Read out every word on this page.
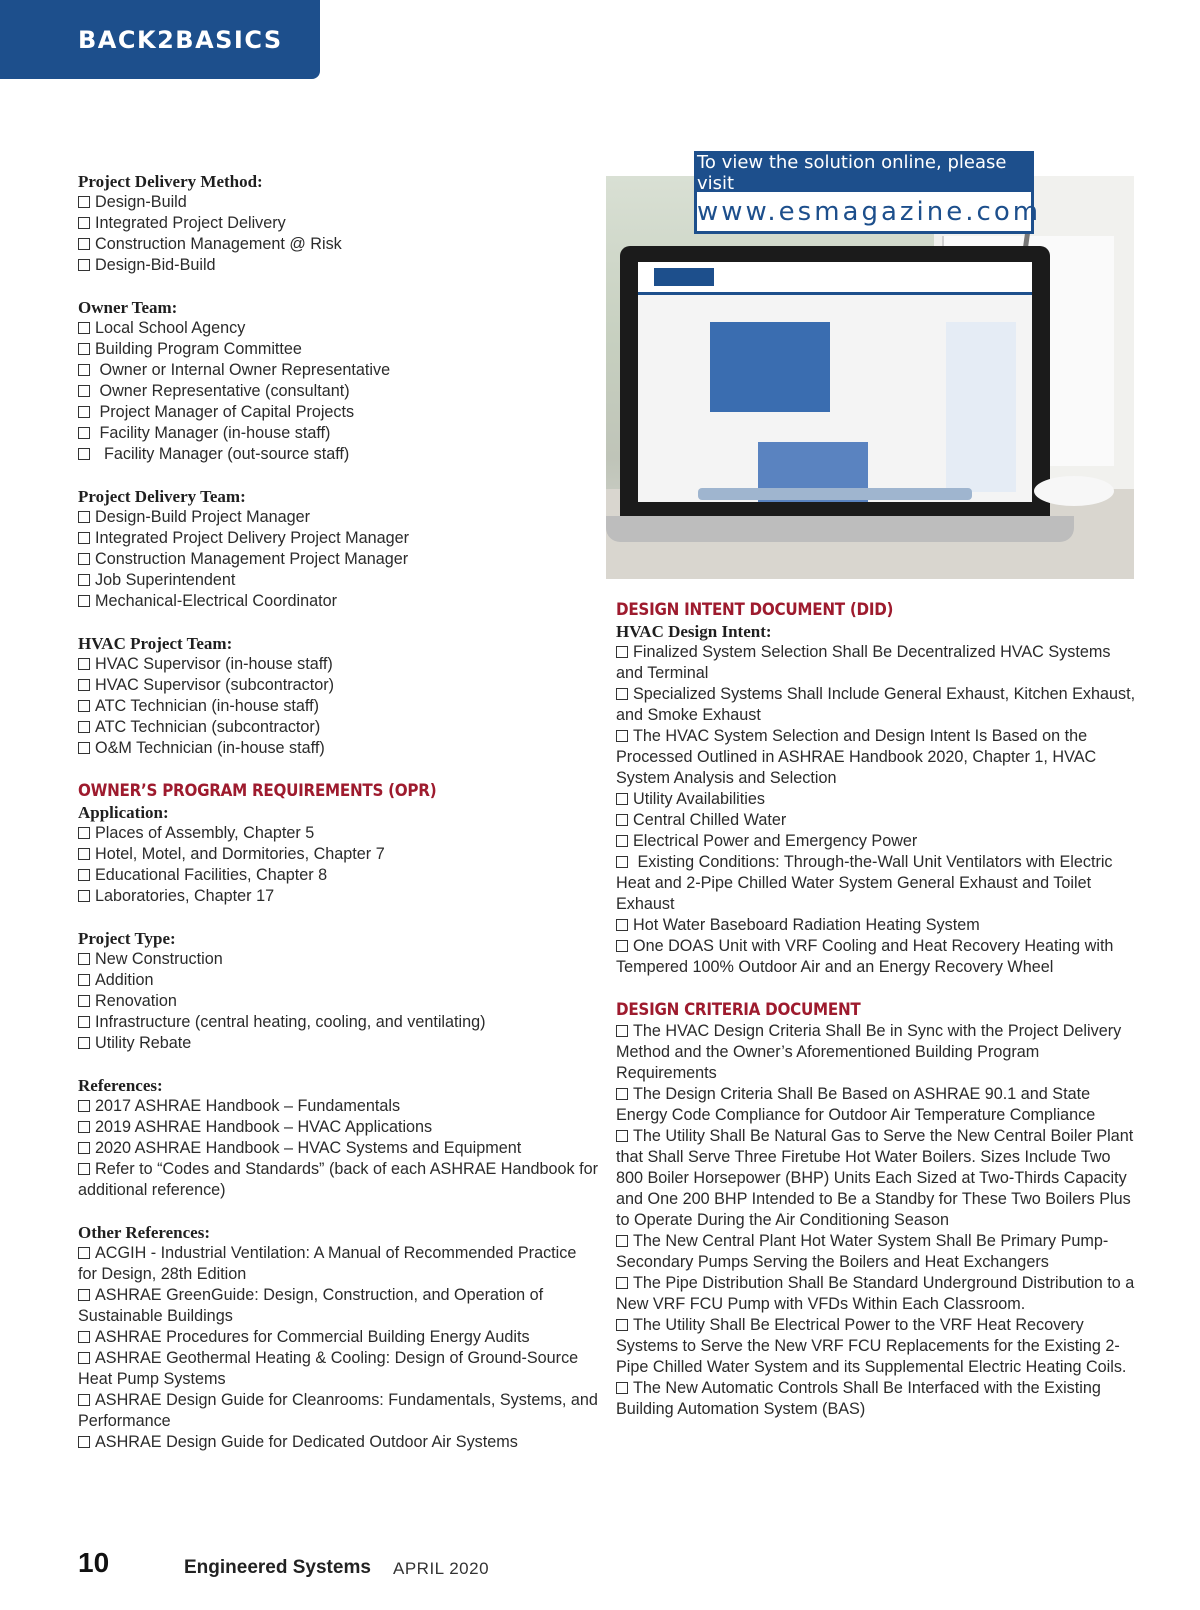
BACK2BASICS
To view the solution online, please visit
www.esmagazine.com
Project Delivery Method:
Design-Build
Integrated Project Delivery
Construction Management @ Risk
Design-Bid-Build
Owner Team:
Local School Agency
Building Program Committee
Owner or Internal Owner Representative
Owner Representative (consultant)
Project Manager of Capital Projects
Facility Manager (in-house staff)
Facility Manager (out-source staff)
Project Delivery Team:
Design-Build Project Manager
Integrated Project Delivery Project Manager
Construction Management Project Manager
Job Superintendent
Mechanical-Electrical Coordinator
HVAC Project Team:
HVAC Supervisor (in-house staff)
HVAC Supervisor (subcontractor)
ATC Technician (in-house staff)
ATC Technician (subcontractor)
O&M Technician (in-house staff)
OWNER’S PROGRAM REQUIREMENTS (OPR)
Application:
Places of Assembly, Chapter 5
Hotel, Motel, and Dormitories, Chapter 7
Educational Facilities, Chapter 8
Laboratories, Chapter 17
Project Type:
New Construction
Addition
Renovation
Infrastructure (central heating, cooling, and ventilating)
Utility Rebate
References:
2017 ASHRAE Handbook – Fundamentals
2019 ASHRAE Handbook – HVAC Applications
2020 ASHRAE Handbook – HVAC Systems and Equipment
Refer to “Codes and Standards” (back of each ASHRAE Handbook for additional reference)
Other References:
ACGIH - Industrial Ventilation: A Manual of Recommended Practice for Design, 28th Edition
ASHRAE GreenGuide: Design, Construction, and Operation of Sustainable Buildings
ASHRAE Procedures for Commercial Building Energy Audits
ASHRAE Geothermal Heating & Cooling: Design of Ground-Source Heat Pump Systems
ASHRAE Design Guide for Cleanrooms: Fundamentals, Systems, and Performance
ASHRAE Design Guide for Dedicated Outdoor Air Systems
DESIGN INTENT DOCUMENT (DID)
HVAC Design Intent:
Finalized System Selection Shall Be Decentralized HVAC Systems and Terminal
Specialized Systems Shall Include General Exhaust, Kitchen Exhaust, and Smoke Exhaust
The HVAC System Selection and Design Intent Is Based on the Processed Outlined in ASHRAE Handbook 2020, Chapter 1, HVAC System Analysis and Selection
Utility Availabilities
Central Chilled Water
Electrical Power and Emergency Power
Existing Conditions: Through-the-Wall Unit Ventilators with Electric Heat and 2-Pipe Chilled Water System General Exhaust and Toilet Exhaust
Hot Water Baseboard Radiation Heating System
One DOAS Unit with VRF Cooling and Heat Recovery Heating with Tempered 100% Outdoor Air and an Energy Recovery Wheel
DESIGN CRITERIA DOCUMENT
The HVAC Design Criteria Shall Be in Sync with the Project Delivery Method and the Owner’s Aforementioned Building Program Requirements
The Design Criteria Shall Be Based on ASHRAE 90.1 and State Energy Code Compliance for Outdoor Air Temperature Compliance
The Utility Shall Be Natural Gas to Serve the New Central Boiler Plant that Shall Serve Three Firetube Hot Water Boilers. Sizes Include Two 800 Boiler Horsepower (BHP) Units Each Sized at Two-Thirds Capacity and One 200 BHP Intended to Be a Standby for These Two Boilers Plus to Operate During the Air Conditioning Season
The New Central Plant Hot Water System Shall Be Primary Pump-Secondary Pumps Serving the Boilers and Heat Exchangers
The Pipe Distribution Shall Be Standard Underground Distribution to a New VRF FCU Pump with VFDs Within Each Classroom.
The Utility Shall Be Electrical Power to the VRF Heat Recovery Systems to Serve the New VRF FCU Replacements for the Existing 2-Pipe Chilled Water System and its Supplemental Electric Heating Coils.
The New Automatic Controls Shall Be Interfaced with the Existing Building Automation System (BAS)
10	Engineered Systems APRIL 2020
